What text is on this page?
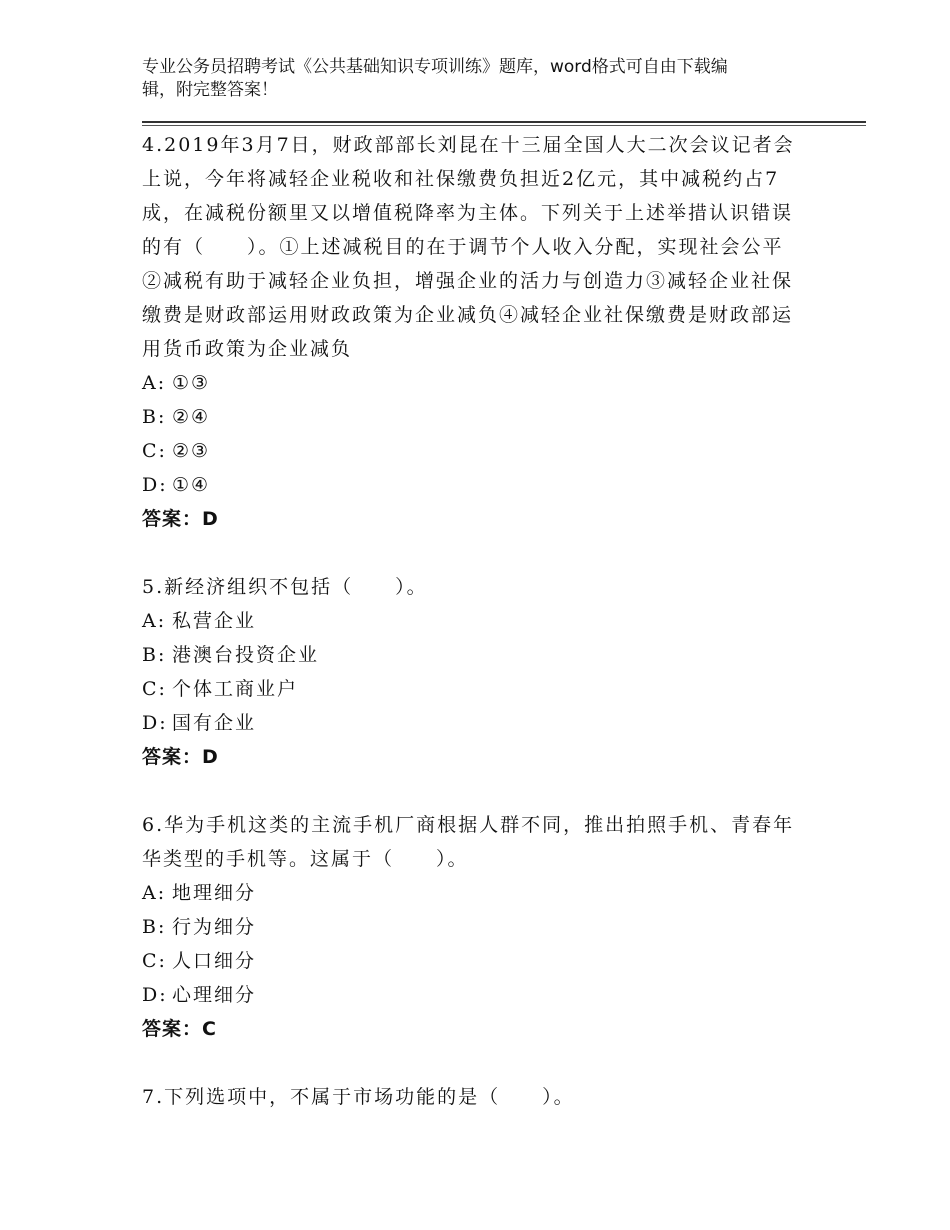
专业公务员招聘考试《公共基础知识专项训练》题库，word格式可自由下载编
辑，附完整答案！

4.2019年3月7日，财政部部长刘昆在十三届全国人大二次会议记者会上说，今年将减轻企业税收和社保缴费负担近2亿元，其中减税约占7成，在减税份额里又以增值税降率为主体。下列关于上述举措认识错误的有（　　）。①上述减税目的在于调节个人收入分配，实现社会公平②减税有助于减轻企业负担，增强企业的活力与创造力③减轻企业社保缴费是财政部运用财政政策为企业减负④减轻企业社保缴费是财政部运用货币政策为企业减负

A: ①③
B: ②④
C: ②③
D: ①④

答案：D

5.新经济组织不包括（　　）。

A: 私营企业
B: 港澳台投资企业
C: 个体工商业户
D: 国有企业

答案：D

6.华为手机这类的主流手机厂商根据人群不同，推出拍照手机、青春年华类型的手机等。这属于（　　）。

A: 地理细分
B: 行为细分
C: 人口细分
D: 心理细分

答案：C

7.下列选项中，不属于市场功能的是（　　）。
